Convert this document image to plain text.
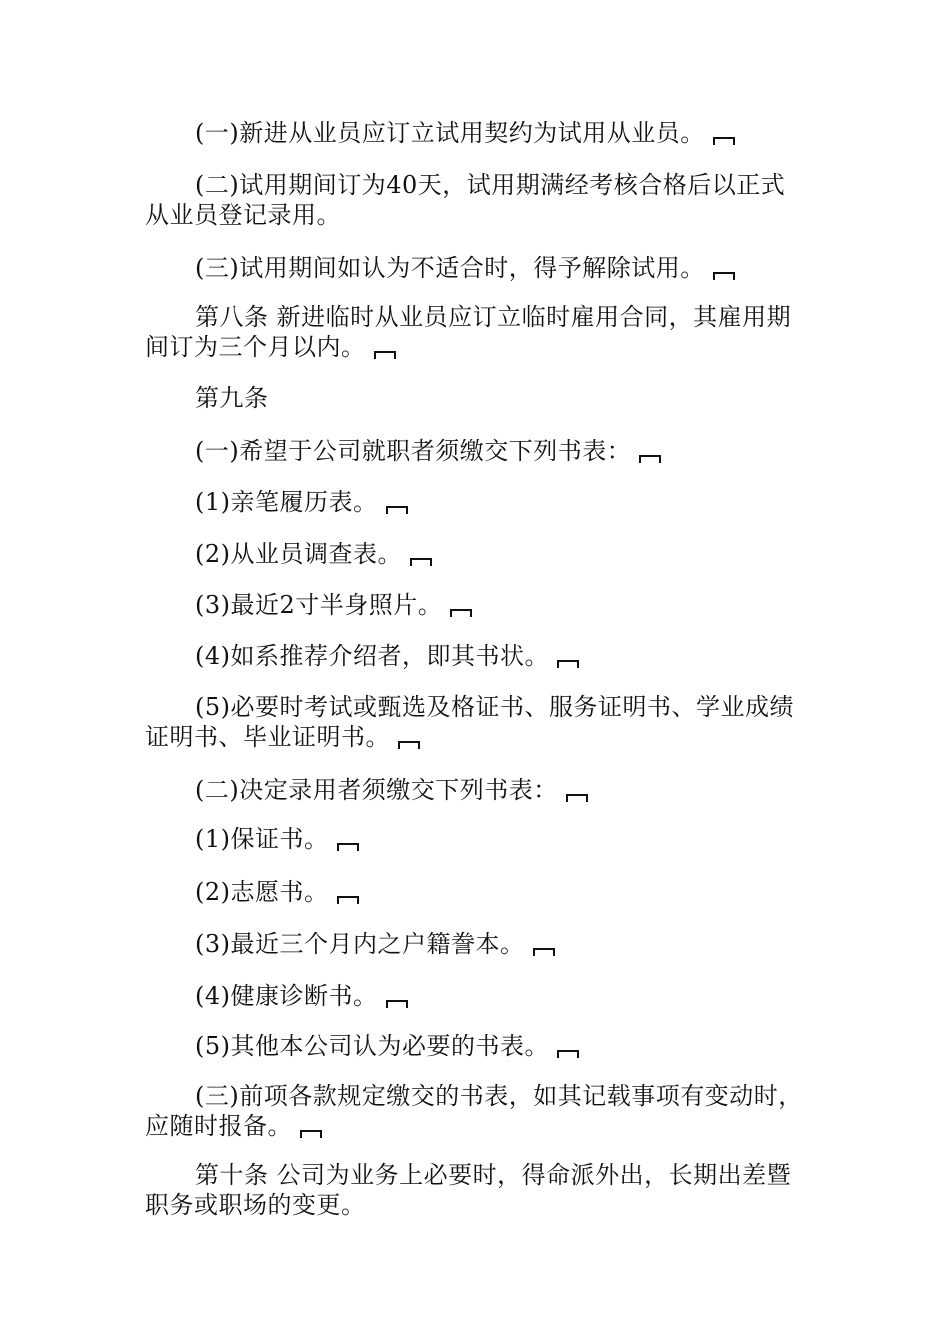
(一)新进从业员应订立试用契约为试用从业员。

(二)试用期间订为40天，试用期满经考核合格后以正式从业员登记录用。

(三)试用期间如认为不适合时，得予解除试用。

第八条 新进临时从业员应订立临时雇用合同，其雇用期间订为三个月以内。

第九条

(一)希望于公司就职者须缴交下列书表：

(1)亲笔履历表。

(2)从业员调查表。

(3)最近2寸半身照片。

(4)如系推荐介绍者，即其书状。

(5)必要时考试或甄选及格证书、服务证明书、学业成绩证明书、毕业证明书。

(二)决定录用者须缴交下列书表：

(1)保证书。

(2)志愿书。

(3)最近三个月内之户籍誊本。

(4)健康诊断书。

(5)其他本公司认为必要的书表。

(三)前项各款规定缴交的书表，如其记载事项有变动时，应随时报备。

第十条 公司为业务上必要时，得命派外出，长期出差暨职务或职场的变更。
